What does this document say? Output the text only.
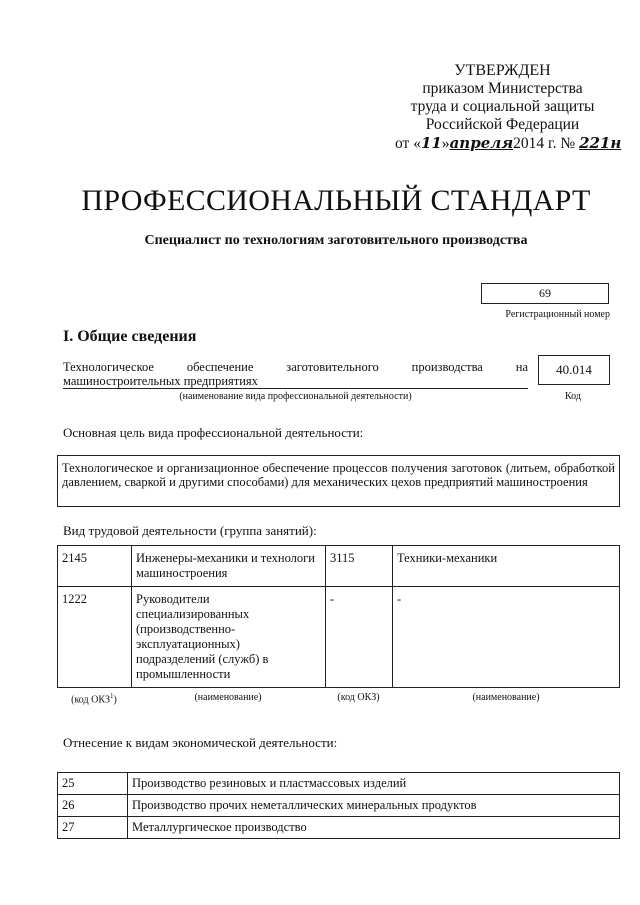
УТВЕРЖДЕН
приказом Министерства
труда и социальной защиты
Российской Федерации
от «11»апреля2014 г. № 221н
ПРОФЕССИОНАЛЬНЫЙ СТАНДАРТ
Специалист по технологиям заготовительного производства
69
Регистрационный номер
I. Общие сведения
Технологическое	обеспечение	заготовительного	производства	на
машиностроительных предприятиях
(наименование вида профессиональной деятельности)
40.014
Код
Основная цель вида профессиональной деятельности:
Технологическое и организационное обеспечение процессов получения заготовок (литьем, обработкой давлением, сваркой и другими способами) для механических цехов предприятий машиностроения
Вид трудовой деятельности (группа занятий):
2145	Инженеры-механики и технологи машиностроения	3115	Техники-механики
1222	Руководители специализированных (производственно-эксплуатационных) подразделений (служб) в промышленности	-	-
(код ОКЗ$^1$)	(наименование)	(код ОКЗ)	(наименование)
Отнесение к видам экономической деятельности:
25	Производство резиновых и пластмассовых изделий
26	Производство прочих неметаллических минеральных продуктов
27	Металлургическое производство
